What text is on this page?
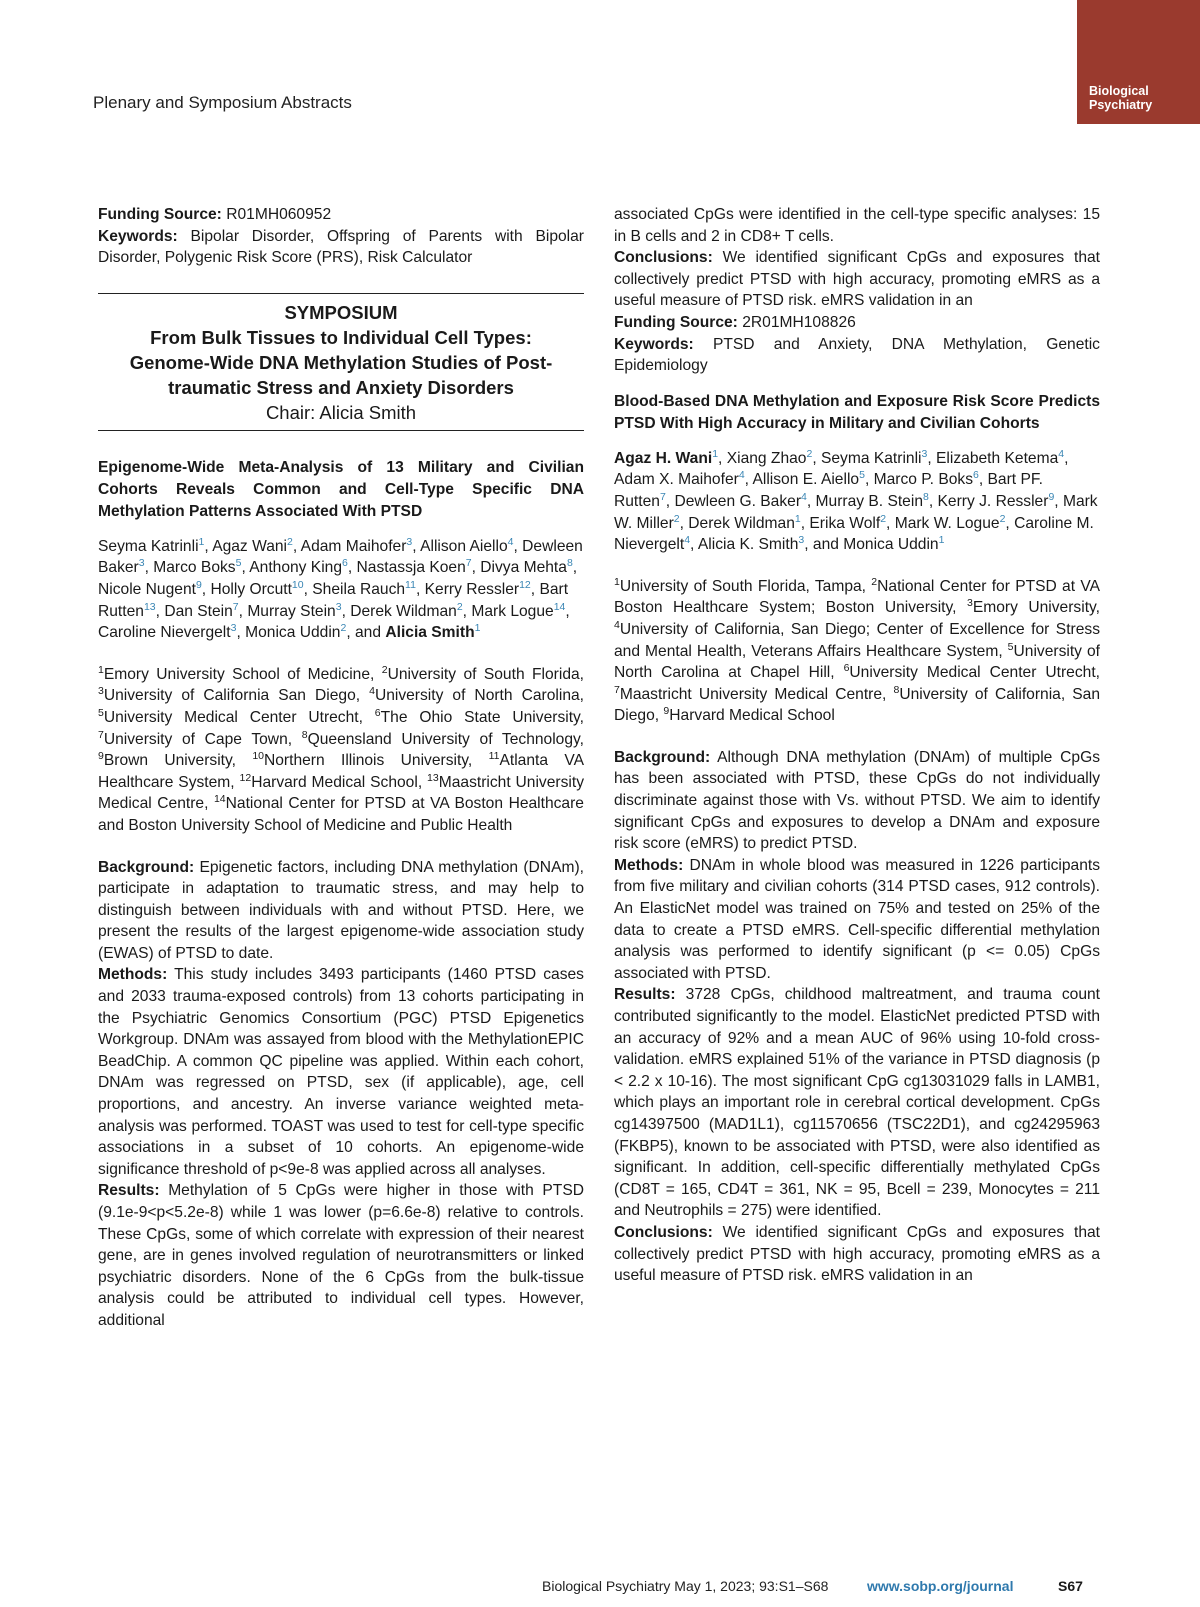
Biological
Psychiatry
Plenary and Symposium Abstracts

Funding Source: R01MH060952

Keywords: Bipolar Disorder, Offspring of Parents with Bipolar Disorder, Polygenic Risk Score (PRS), Risk Calculator

SYMPOSIUM
From Bulk Tissues to Individual Cell Types:
Genome-Wide DNA Methylation Studies of Post-
traumatic Stress and Anxiety Disorders
Chair: Alicia Smith

Epigenome-Wide Meta-Analysis of 13 Military and Civilian Cohorts Reveals Common and Cell-Type Specific DNA Methylation Patterns Associated With PTSD

Seyma Katrinli$^1$, Agaz Wani$^2$, Adam Maihofer$^3$, Allison Aiello$^4$, Dewleen Baker$^3$, Marco Boks$^5$, Anthony King$^6$, Nastassja Koen$^7$, Divya Mehta$^8$, Nicole Nugent$^9$, Holly Orcutt$^{10}$, Sheila Rauch$^{11}$, Kerry Ressler$^{12}$, Bart Rutten$^{13}$, Dan Stein$^7$, Murray Stein$^3$, Derek Wildman$^2$, Mark Logue$^{14}$, Caroline Nievergelt$^3$, Monica Uddin$^2$, and Alicia Smith$^1$

$^1$Emory University School of Medicine, $^2$University of South Florida, $^3$University of California San Diego, $^4$University of North Carolina, $^5$University Medical Center Utrecht, $^6$The Ohio State University, $^7$University of Cape Town, $^8$Queensland University of Technology, $^9$Brown University, $^{10}$Northern Illinois University, $^{11}$Atlanta VA Healthcare System, $^{12}$Harvard Medical School, $^{13}$Maastricht University Medical Centre, $^{14}$National Center for PTSD at VA Boston Healthcare and Boston University School of Medicine and Public Health

Background: Epigenetic factors, including DNA methylation (DNAm), participate in adaptation to traumatic stress, and may help to distinguish between individuals with and without PTSD. Here, we present the results of the largest epigenome-wide association study (EWAS) of PTSD to date.

Methods: This study includes 3493 participants (1460 PTSD cases and 2033 trauma-exposed controls) from 13 cohorts participating in the Psychiatric Genomics Consortium (PGC) PTSD Epigenetics Workgroup. DNAm was assayed from blood with the MethylationEPIC BeadChip. A common QC pipeline was applied. Within each cohort, DNAm was regressed on PTSD, sex (if applicable), age, cell proportions, and ancestry. An inverse variance weighted meta-analysis was performed. TOAST was used to test for cell-type specific associations in a subset of 10 cohorts. An epigenome-wide significance threshold of p<9e-8 was applied across all analyses.

Results: Methylation of 5 CpGs were higher in those with PTSD (9.1e-9<p<5.2e-8) while 1 was lower (p=6.6e-8) relative to controls. These CpGs, some of which correlate with expression of their nearest gene, are in genes involved regulation of neurotransmitters or linked psychiatric disorders. None of the 6 CpGs from the bulk-tissue analysis could be attributed to individual cell types. However, additional

associated CpGs were identified in the cell-type specific analyses: 15 in B cells and 2 in CD8+ T cells.

Conclusions: We identified significant CpGs and exposures that collectively predict PTSD with high accuracy, promoting eMRS as a useful measure of PTSD risk. eMRS validation in an

Funding Source: 2R01MH108826

Keywords: PTSD and Anxiety, DNA Methylation, Genetic Epidemiology

Blood-Based DNA Methylation and Exposure Risk Score Predicts PTSD With High Accuracy in Military and Civilian Cohorts

Agaz H. Wani$^1$, Xiang Zhao$^2$, Seyma Katrinli$^3$, Elizabeth Ketema$^4$, Adam X. Maihofer$^4$, Allison E. Aiello$^5$, Marco P. Boks$^6$, Bart PF. Rutten$^7$, Dewleen G. Baker$^4$, Murray B. Stein$^8$, Kerry J. Ressler$^9$, Mark W. Miller$^2$, Derek Wildman$^1$, Erika Wolf$^2$, Mark W. Logue$^2$, Caroline M. Nievergelt$^4$, Alicia K. Smith$^3$, and Monica Uddin$^1$

$^1$University of South Florida, Tampa, $^2$National Center for PTSD at VA Boston Healthcare System; Boston University, $^3$Emory University, $^4$University of California, San Diego; Center of Excellence for Stress and Mental Health, Veterans Affairs Healthcare System, $^5$University of North Carolina at Chapel Hill, $^6$University Medical Center Utrecht, $^7$Maastricht University Medical Centre, $^8$University of California, San Diego, $^9$Harvard Medical School

Background: Although DNA methylation (DNAm) of multiple CpGs has been associated with PTSD, these CpGs do not individually discriminate against those with Vs. without PTSD. We aim to identify significant CpGs and exposures to develop a DNAm and exposure risk score (eMRS) to predict PTSD.

Methods: DNAm in whole blood was measured in 1226 participants from five military and civilian cohorts (314 PTSD cases, 912 controls). An ElasticNet model was trained on 75% and tested on 25% of the data to create a PTSD eMRS. Cell-specific differential methylation analysis was performed to identify significant (p <= 0.05) CpGs associated with PTSD.

Results: 3728 CpGs, childhood maltreatment, and trauma count contributed significantly to the model. ElasticNet predicted PTSD with an accuracy of 92% and a mean AUC of 96% using 10-fold cross-validation. eMRS explained 51% of the variance in PTSD diagnosis (p < 2.2 x 10-16). The most significant CpG cg13031029 falls in LAMB1, which plays an important role in cerebral cortical development. CpGs cg14397500 (MAD1L1), cg11570656 (TSC22D1), and cg24295963 (FKBP5), known to be associated with PTSD, were also identified as significant. In addition, cell-specific differentially methylated CpGs (CD8T = 165, CD4T = 361, NK = 95, Bcell = 239, Monocytes = 211 and Neutrophils = 275) were identified.

Conclusions: We identified significant CpGs and exposures that collectively predict PTSD with high accuracy, promoting eMRS as a useful measure of PTSD risk. eMRS validation in an

Biological Psychiatry May 1, 2023; 93:S1–S68	www.sobp.org/journal	S67
